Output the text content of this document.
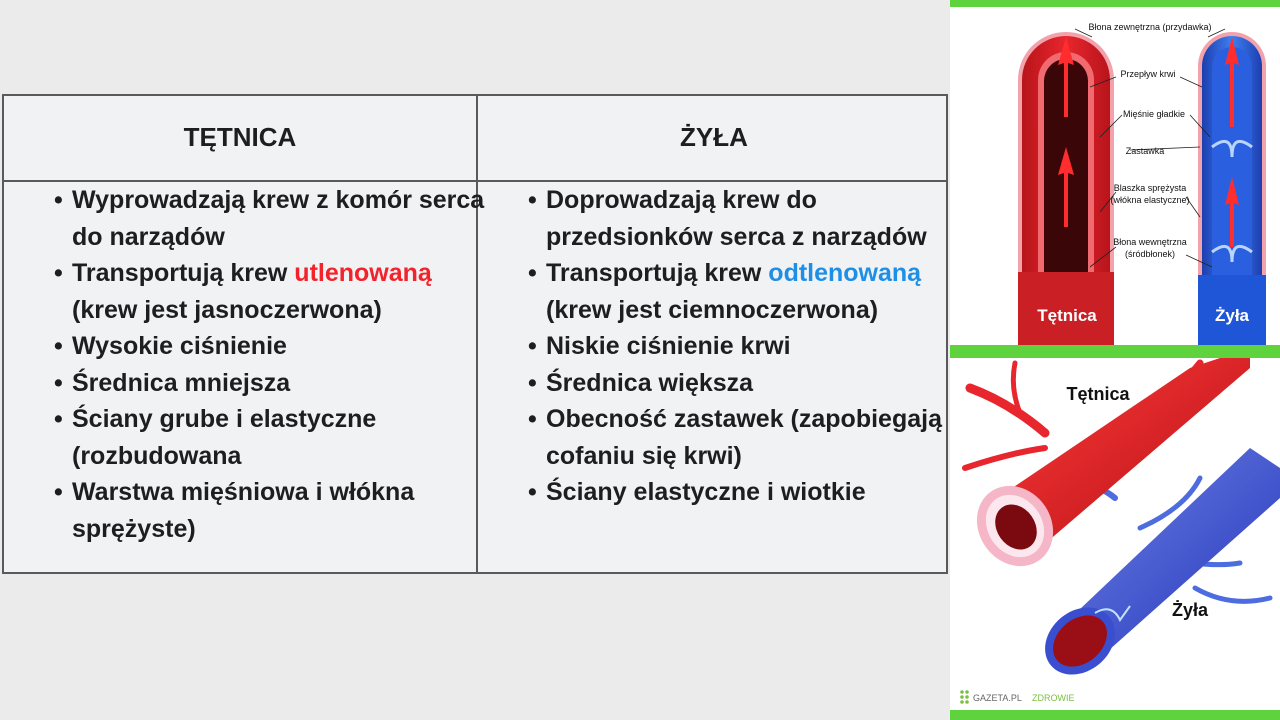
TĘTNICA	ŻYŁA
• Wyprowadzają krew z komór serca
do narządów
• Transportują krew utlenowaną
(krew jest jasnoczerwona)
• Wysokie ciśnienie
• Średnica mniejsza
• Ściany grube i elastyczne
(rozbudowana
• Warstwa mięśniowa i włókna
sprężyste)
• Doprowadzają krew do
przedsionków serca z narządów
• Transportują krew odtlenowaną
(krew jest ciemnoczerwona)
• Niskie ciśnienie krwi
• Średnica większa
• Obecność zastawek (zapobiegają
cofaniu się krwi)
• Ściany elastyczne i wiotkie
Błona zewnętrzna (przydawka)
Przepływ krwi
Mięśnie gładkie
Zastawka
Blaszka sprężysta
(włókna elastyczne)
Błona wewnętrzna
(śródbłonek)
Tętnica	Żyła
Tętnica
Żyła
GAZETA.PL ZDROWIE
